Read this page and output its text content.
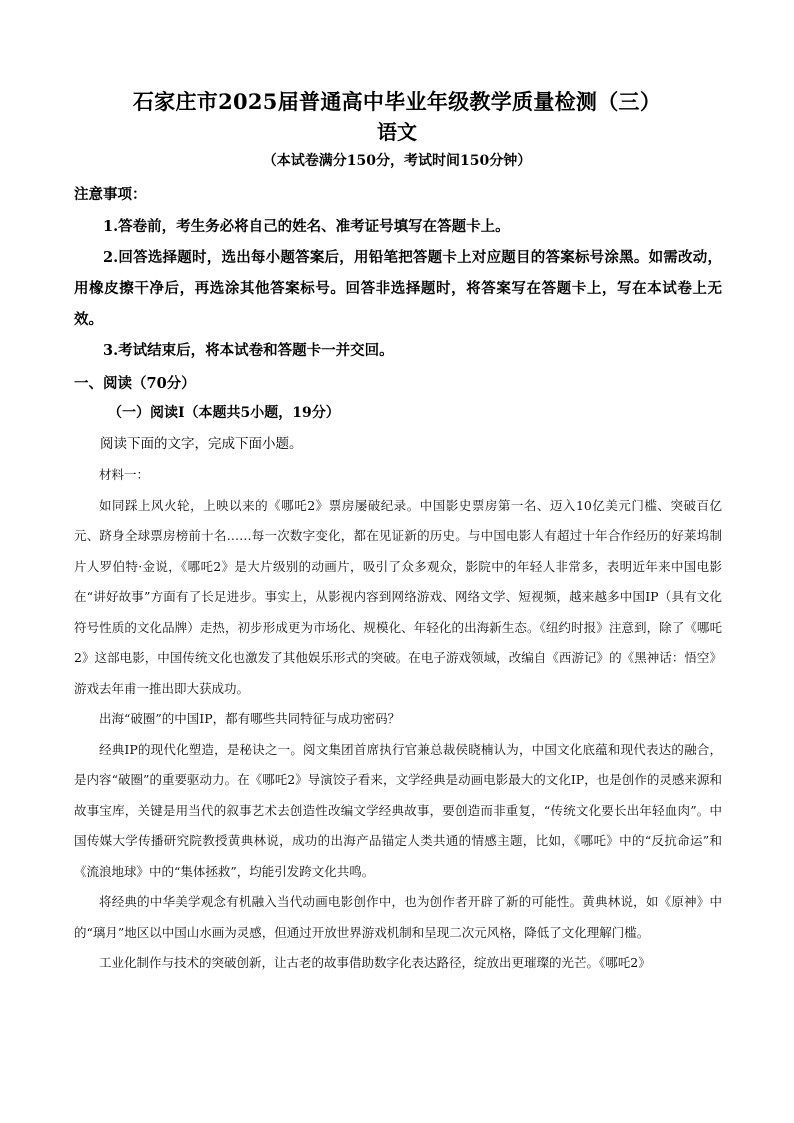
石家庄市2025届普通高中毕业年级教学质量检测（三）
语文
（本试卷满分150分，考试时间150分钟）
注意事项：

1.答卷前，考生务必将自己的姓名、准考证号填写在答题卡上。

2.回答选择题时，选出每小题答案后，用铅笔把答题卡上对应题目的答案标号涂黑。如需改动，用橡皮擦干净后，再选涂其他答案标号。回答非选择题时，将答案写在答题卡上，写在本试卷上无效。

3.考试结束后，将本试卷和答题卡一并交回。

一、阅读（70分）
（一）阅读Ⅰ（本题共5小题，19分）
阅读下面的文字，完成下面小题。

材料一：

如同踩上风火轮，上映以来的《哪吒2》票房屡破纪录。中国影史票房第一名、迈入10亿美元门槛、突破百亿元、跻身全球票房榜前十名……每一次数字变化，都在见证新的历史。与中国电影人有超过十年合作经历的好莱坞制片人罗伯特·金说，《哪吒2》是大片级别的动画片，吸引了众多观众，影院中的年轻人非常多，表明近年来中国电影在“讲好故事”方面有了长足进步。事实上，从影视内容到网络游戏、网络文学、短视频，越来越多中国IP（具有文化符号性质的文化品牌）走热，初步形成更为市场化、规模化、年轻化的出海新生态。《纽约时报》注意到，除了《哪吒2》这部电影，中国传统文化也激发了其他娱乐形式的突破。在电子游戏领域，改编自《西游记》的《黑神话：悟空》游戏去年甫一推出即大获成功。

出海“破圈”的中国IP，都有哪些共同特征与成功密码？

经典IP的现代化塑造，是秘诀之一。阅文集团首席执行官兼总裁侯晓楠认为，中国文化底蕴和现代表达的融合，是内容“破圈”的重要驱动力。在《哪吒2》导演饺子看来，文学经典是动画电影最大的文化IP，也是创作的灵感来源和故事宝库，关键是用当代的叙事艺术去创造性改编文学经典故事，要创造而非重复，“传统文化要长出年轻血肉”。中国传媒大学传播研究院教授黄典林说，成功的出海产品锚定人类共通的情感主题，比如，《哪吒》中的“反抗命运”和《流浪地球》中的“集体拯救”，均能引发跨文化共鸣。

将经典的中华美学观念有机融入当代动画电影创作中，也为创作者开辟了新的可能性。黄典林说，如《原神》中的“璃月”地区以中国山水画为灵感，但通过开放世界游戏机制和呈现二次元风格，降低了文化理解门槛。

工业化制作与技术的突破创新，让古老的故事借助数字化表达路径，绽放出更璀璨的光芒。《哪吒2》
